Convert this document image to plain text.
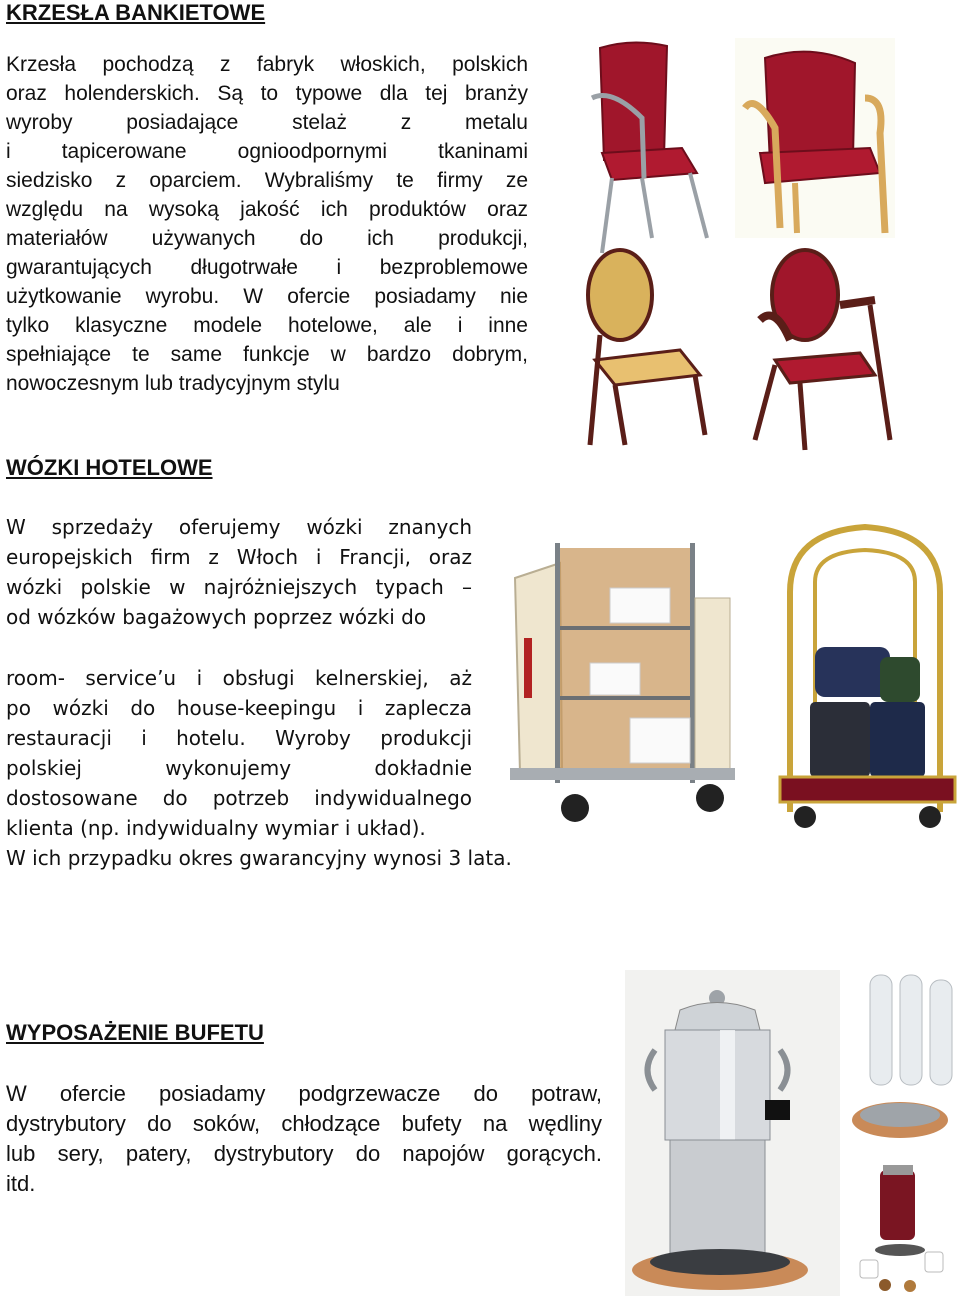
KRZESŁA BANKIETOWE
Krzesła pochodzą z fabryk włoskich, polskich
oraz holenderskich. Są to typowe dla tej branży
wyroby posiadające stelaż z metalu
i tapicerowane ognioodpornymi tkaninami
siedzisko z oparciem. Wybraliśmy te firmy ze
względu na wysoką jakość ich produktów oraz
materiałów używanych do ich produkcji,
gwarantujących długotrwałe i bezproblemowe
użytkowanie wyrobu. W ofercie posiadamy nie
tylko klasyczne modele hotelowe, ale i inne
spełniające te same funkcje w bardzo dobrym,
nowoczesnym lub tradycyjnym stylu
WÓZKI HOTELOWE
W sprzedaży oferujemy wózki znanych
europejskich firm z Włoch i Francji, oraz
wózki polskie w najróżniejszych typach –
od wózków bagażowych poprzez wózki do
room- service’u i obsługi kelnerskiej, aż
po wózki do house-keepingu i zaplecza
restauracji i hotelu. Wyroby produkcji
polskiej wykonujemy dokładnie
dostosowane do potrzeb indywidualnego
klienta (np. indywidualny wymiar i układ).
W ich przypadku okres gwarancyjny wynosi 3 lata.
WYPOSAŻENIE BUFETU
W ofercie posiadamy podgrzewacze do potraw,
dystrybutory do soków, chłodzące bufety na wędliny
lub sery, patery, dystrybutory do napojów gorących.
itd.
